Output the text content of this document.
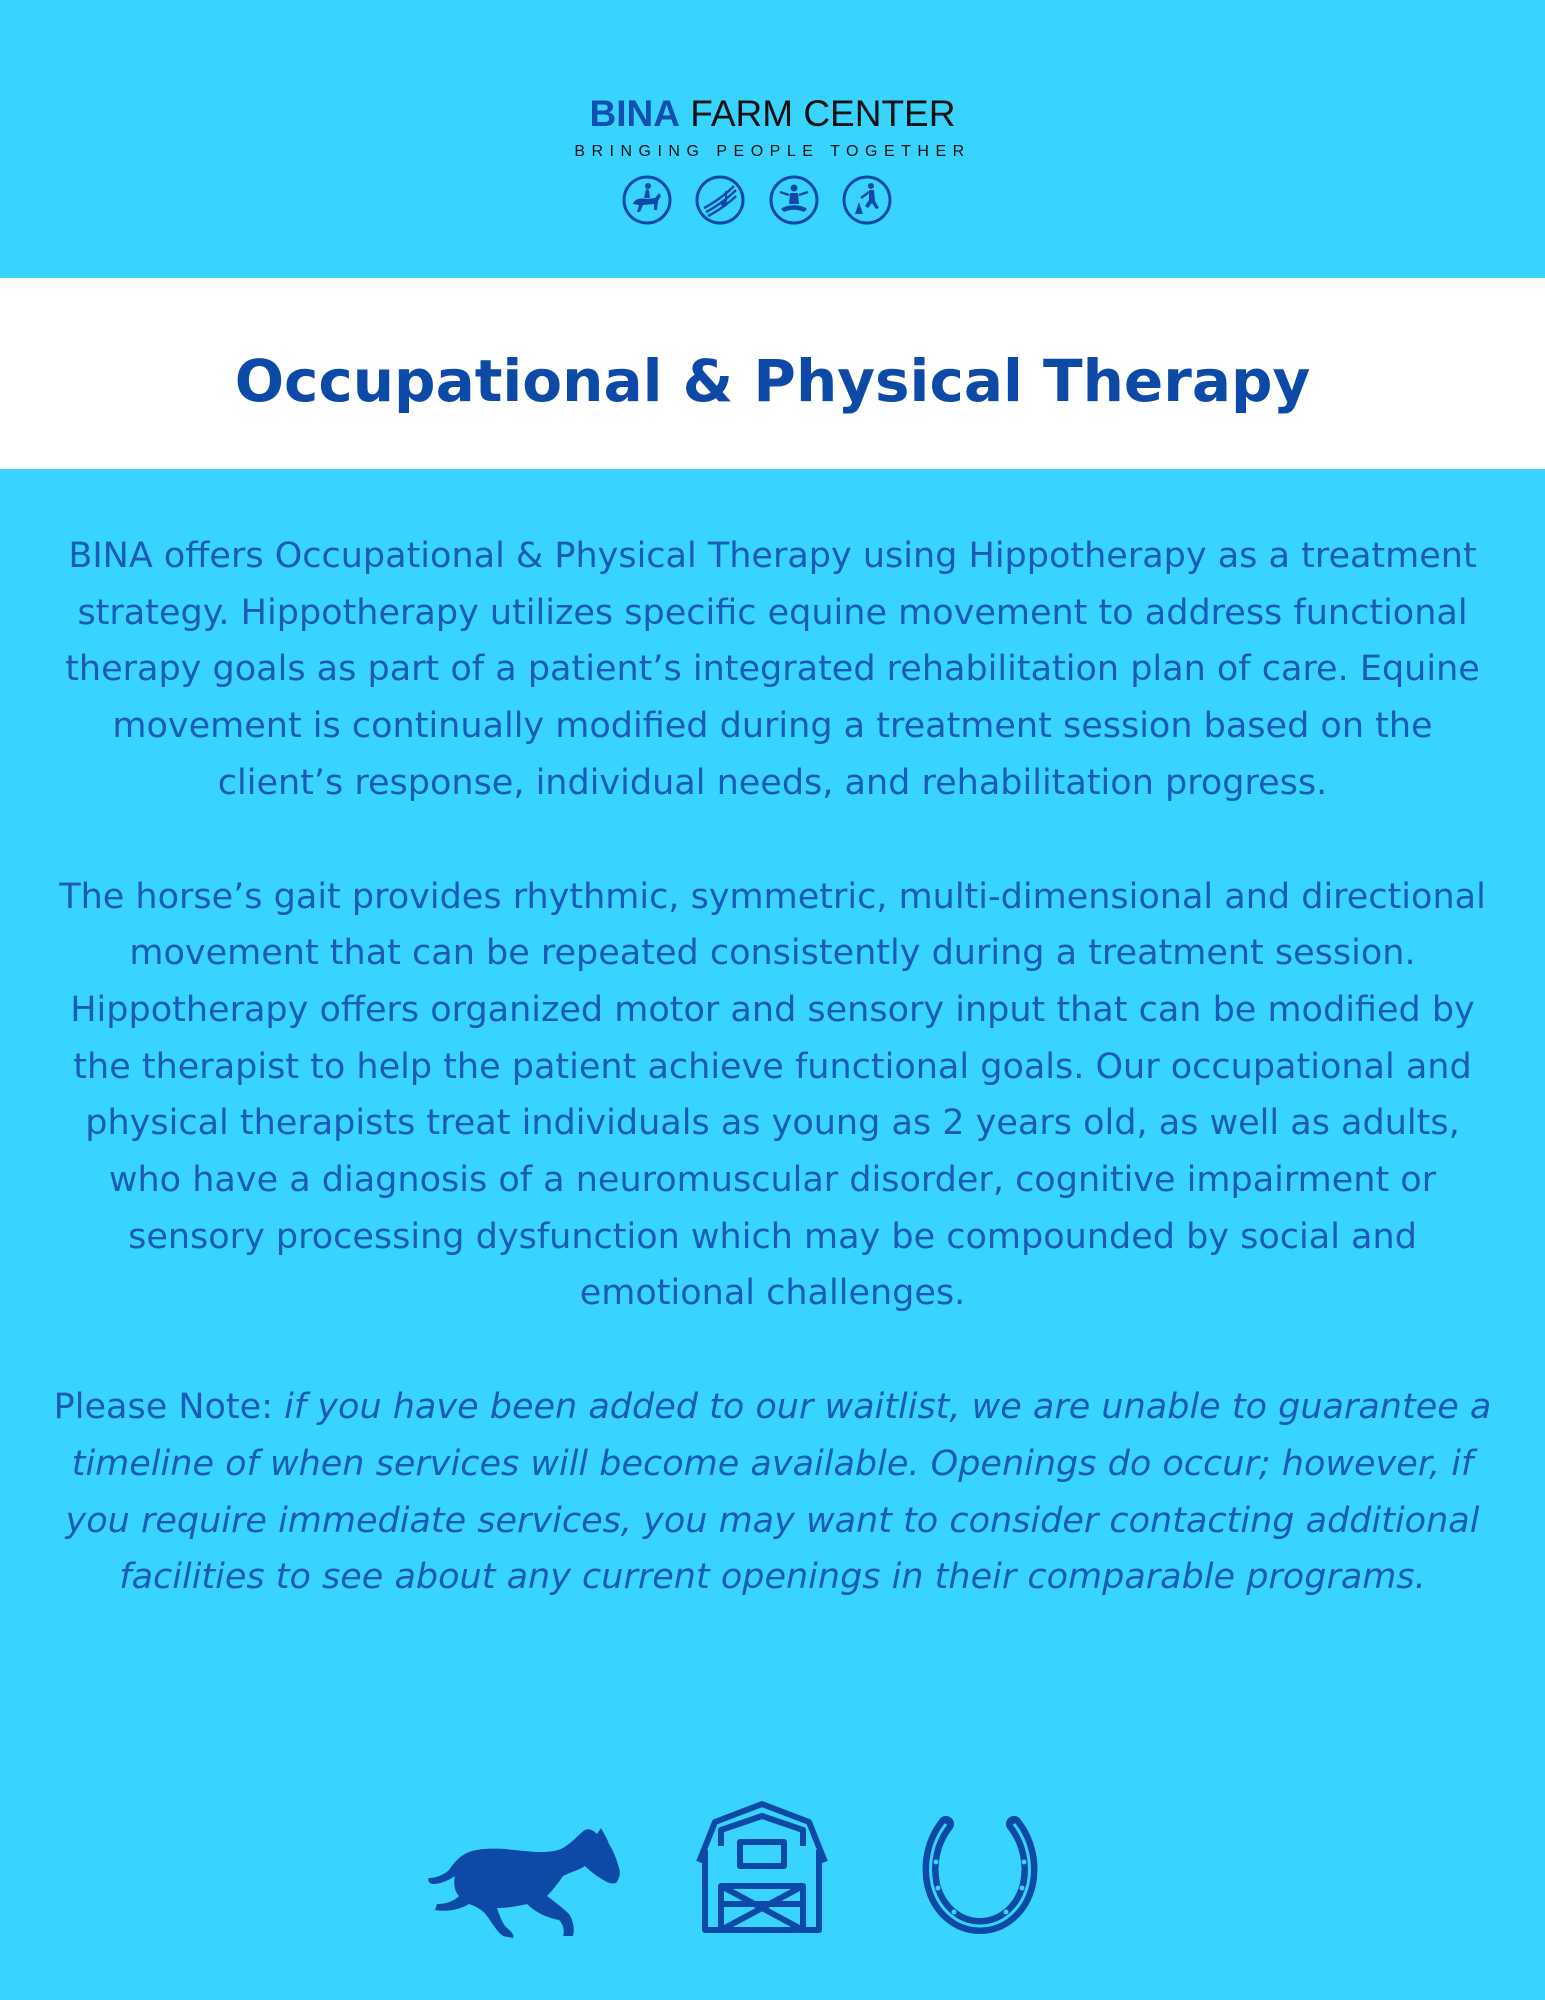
BINA FARM CENTER
BRINGING PEOPLE TOGETHER
Occupational & Physical Therapy

BINA offers Occupational & Physical Therapy using Hippotherapy as a treatment strategy. Hippotherapy utilizes specific equine movement to address functional therapy goals as part of a patient’s integrated rehabilitation plan of care. Equine movement is continually modified during a treatment session based on the client’s response, individual needs, and rehabilitation progress.

The horse’s gait provides rhythmic, symmetric, multi-dimensional and directional movement that can be repeated consistently during a treatment session. Hippotherapy offers organized motor and sensory input that can be modified by the therapist to help the patient achieve functional goals. Our occupational and physical therapists treat individuals as young as 2 years old, as well as adults, who have a diagnosis of a neuromuscular disorder, cognitive impairment or sensory processing dysfunction which may be compounded by social and emotional challenges.

Please Note: if you have been added to our waitlist, we are unable to guarantee a timeline of when services will become available. Openings do occur; however, if you require immediate services, you may want to consider contacting additional facilities to see about any current openings in their comparable programs.
